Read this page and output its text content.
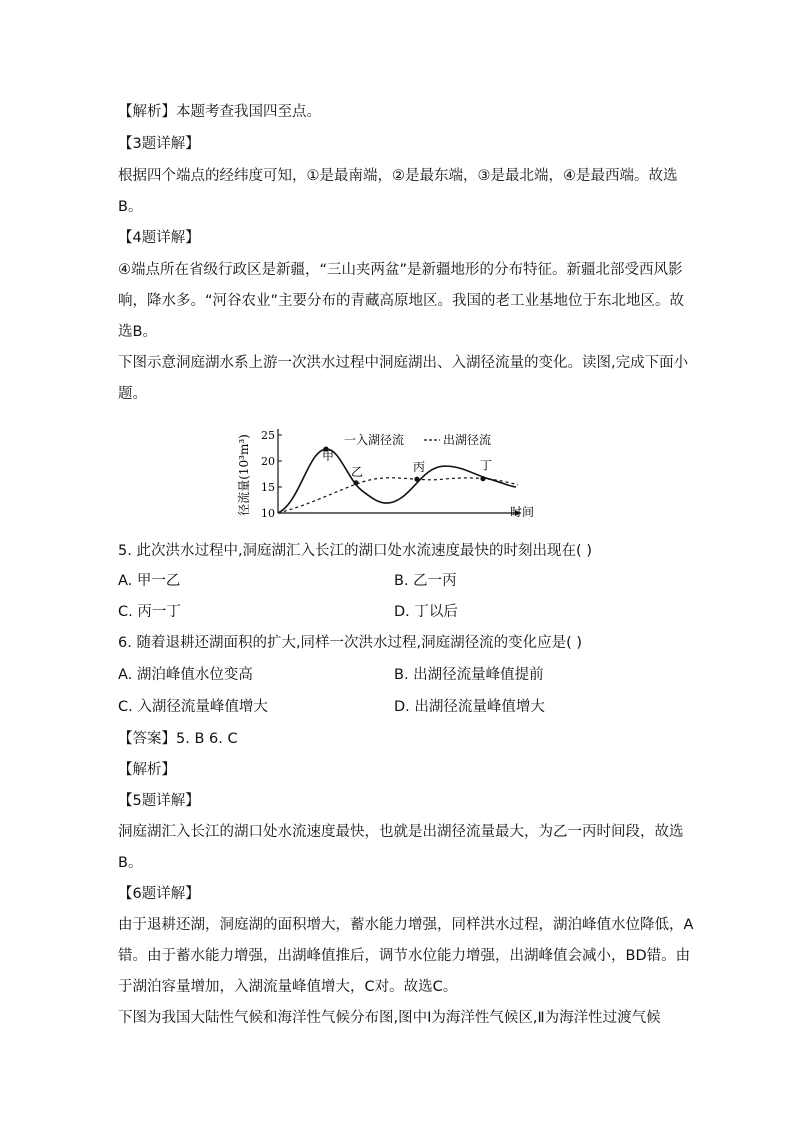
【解析】本题考查我国四至点。
【3题详解】
根据四个端点的经纬度可知，①是最南端，②是最东端，③是最北端，④是最西端。故选
B。
【4题详解】
④端点所在省级行政区是新疆，“三山夹两盆”是新疆地形的分布特征。新疆北部受西风影
响，降水多。“河谷农业”主要分布的青藏高原地区。我国的老工业基地位于东北地区。故
选B。
下图示意洞庭湖水系上游一次洪水过程中洞庭湖出、入湖径流量的变化。读图,完成下面小
题。
径流量(10³m³) 25
20
15
10
甲
乙	丙	丁
一入湖径流	出湖径流
时间
5. 此次洪水过程中,洞庭湖汇入长江的湖口处水流速度最快的时刻出现在( )
A. 甲一乙	B. 乙一丙
C. 丙一丁	D. 丁以后
6. 随着退耕还湖面积的扩大,同样一次洪水过程,洞庭湖径流的变化应是( )
A. 湖泊峰值水位变高	B. 出湖径流量峰值提前
C. 入湖径流量峰值增大	D. 出湖径流量峰值增大
【答案】5. B 6. C
【解析】
【5题详解】
洞庭湖汇入长江的湖口处水流速度最快，也就是出湖径流量最大，为乙一丙时间段，故选
B。
【6题详解】
由于退耕还湖，洞庭湖的面积增大，蓄水能力增强，同样洪水过程，湖泊峰值水位降低，A
错。由于蓄水能力增强，出湖峰值推后，调节水位能力增强，出湖峰值会减小，BD错。由
于湖泊容量增加，入湖流量峰值增大，C对。故选C。
下图为我国大陆性气候和海洋性气候分布图,图中Ⅰ为海洋性气候区,Ⅱ为海洋性过渡气候
